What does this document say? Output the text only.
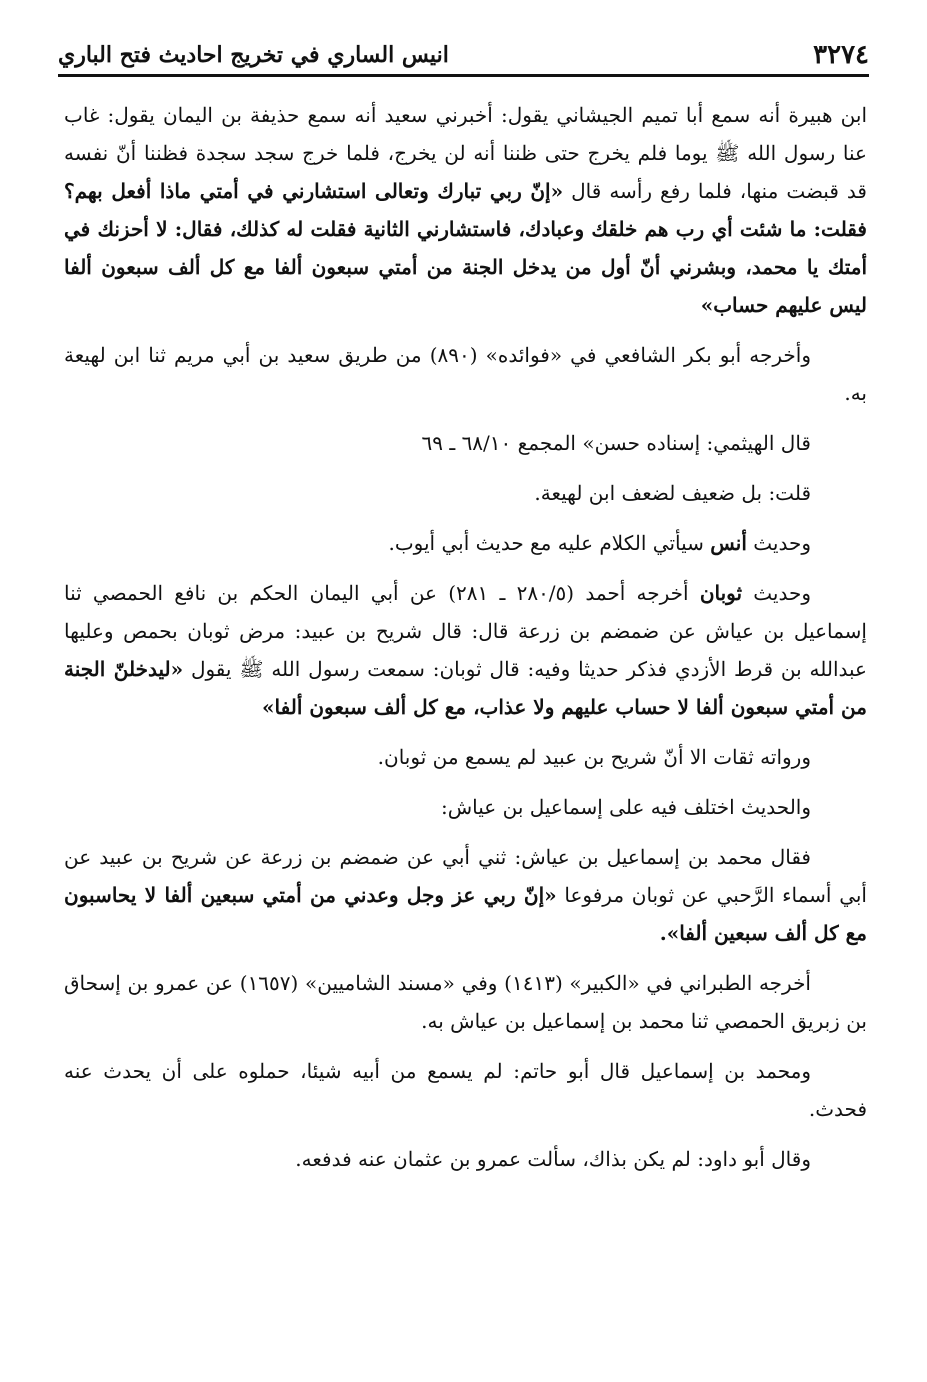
٣٢٧٤
انيس الساري في تخريج احاديث فتح الباري

ابن هبيرة أنه سمع أبا تميم الجيشاني يقول: أخبرني سعيد أنه سمع حذيفة بن اليمان يقول: غاب عنا رسول الله ﷺ يوما فلم يخرج حتى ظننا أنه لن يخرج، فلما خرج سجد سجدة فظننا أنّ نفسه قد قبضت منها، فلما رفع رأسه قال «إنّ ربي تبارك وتعالى استشارني في أمتي ماذا أفعل بهم؟ فقلت: ما شئت أي رب هم خلقك وعبادك، فاستشارني الثانية فقلت له كذلك، فقال: لا أحزنك في أمتك يا محمد، وبشرني أنّ أول من يدخل الجنة من أمتي سبعون ألفا مع كل ألف سبعون ألفا ليس عليهم حساب»

وأخرجه أبو بكر الشافعي في «فوائده» (٨٩٠) من طريق سعيد بن أبي مريم ثنا ابن لهيعة به.

قال الهيثمي: إسناده حسن» المجمع ٦٨/١٠ ـ ٦٩

قلت: بل ضعيف لضعف ابن لهيعة.

وحديث أنس سيأتي الكلام عليه مع حديث أبي أيوب.

وحديث ثوبان أخرجه أحمد (٢٨٠/٥ ـ ٢٨١) عن أبي اليمان الحكم بن نافع الحمصي ثنا إسماعيل بن عياش عن ضمضم بن زرعة قال: قال شريح بن عبيد: مرض ثوبان بحمص وعليها عبدالله بن قرط الأزدي فذكر حديثا وفيه: قال ثوبان: سمعت رسول الله ﷺ يقول «ليدخلنّ الجنة من أمتي سبعون ألفا لا حساب عليهم ولا عذاب، مع كل ألف سبعون ألفا»

ورواته ثقات الا أنّ شريح بن عبيد لم يسمع من ثوبان.

والحديث اختلف فيه على إسماعيل بن عياش:

فقال محمد بن إسماعيل بن عياش: ثني أبي عن ضمضم بن زرعة عن شريح بن عبيد عن أبي أسماء الرَّحبي عن ثوبان مرفوعا «إنّ ربي عز وجل وعدني من أمتي سبعين ألفا لا يحاسبون مع كل ألف سبعين ألفا».

أخرجه الطبراني في «الكبير» (١٤١٣) وفي «مسند الشاميين» (١٦٥٧) عن عمرو بن إسحاق بن زبريق الحمصي ثنا محمد بن إسماعيل بن عياش به.

ومحمد بن إسماعيل قال أبو حاتم: لم يسمع من أبيه شيئا، حملوه على أن يحدث عنه فحدث.

وقال أبو داود: لم يكن بذاك، سألت عمرو بن عثمان عنه فدفعه.
